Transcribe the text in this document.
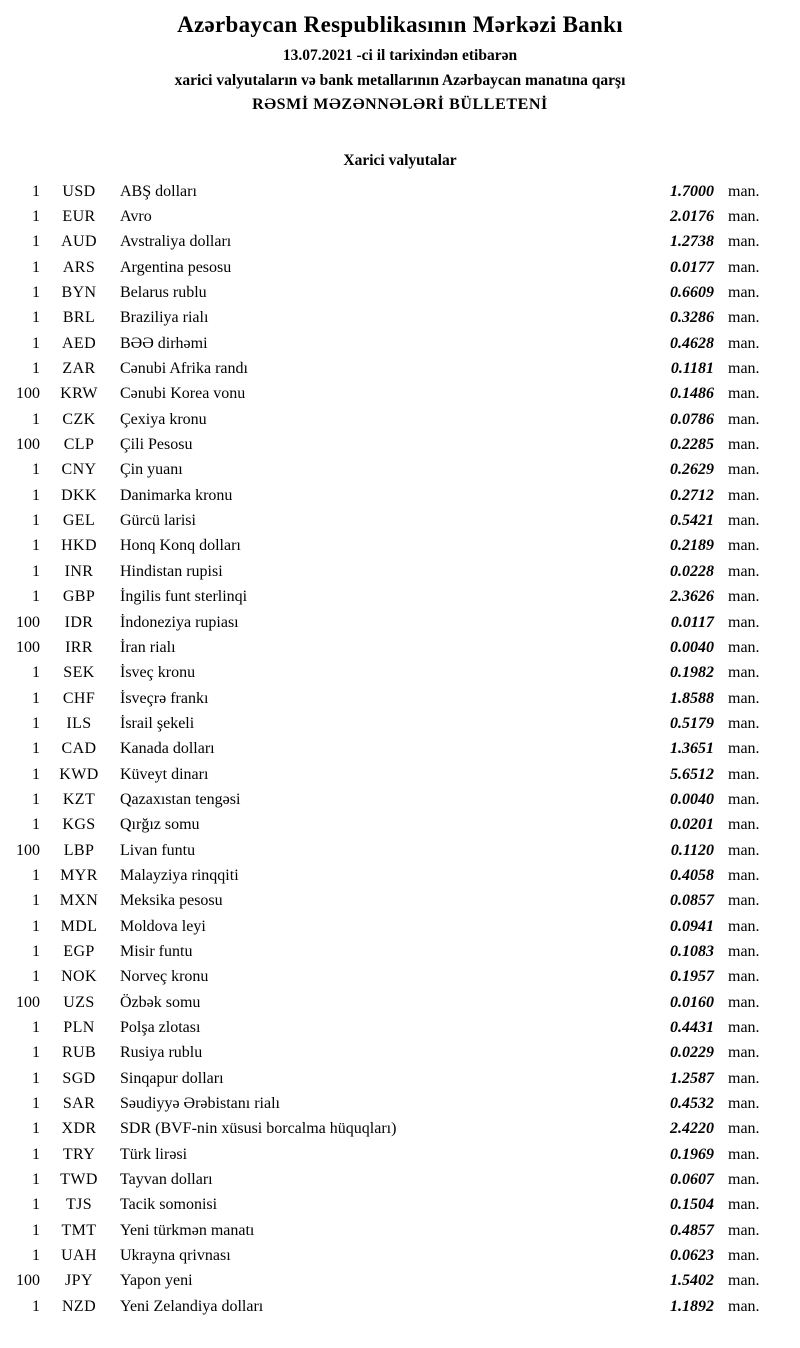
Azərbaycan Respublikasının Mərkəzi Bankı
13.07.2021 -ci il tarixindən etibarən
xarici valyutaların və bank metallarının Azərbaycan manatına qarşı
RƏSMİ MƏZƏNNƏLƏRİ BÜLLETENİ
Xarici valyutalar
1	USD	ABŞ dolları	1.7000 man.
1	EUR	Avro	2.0176 man.
1	AUD	Avstraliya dolları	1.2738 man.
1	ARS	Argentina pesosu	0.0177 man.
1	BYN	Belarus rublu	0.6609 man.
1	BRL	Braziliya rialı	0.3286 man.
1	AED	BƏƏ dirhəmi	0.4628 man.
1	ZAR	Cənubi Afrika randı	0.1181 man.
100	KRW	Cənubi Korea vonu	0.1486 man.
1	CZK	Çexiya kronu	0.0786 man.
100	CLP	Çili Pesosu	0.2285 man.
1	CNY	Çin yuanı	0.2629 man.
1	DKK	Danimarka kronu	0.2712 man.
1	GEL	Gürcü larisi	0.5421 man.
1	HKD	Honq Konq dolları	0.2189 man.
1	INR	Hindistan rupisi	0.0228 man.
1	GBP	İngilis funt sterlinqi	2.3626 man.
100	IDR	İndoneziya rupiası	0.0117 man.
100	IRR	İran rialı	0.0040 man.
1	SEK	İsveç kronu	0.1982 man.
1	CHF	İsveçrə frankı	1.8588 man.
1	ILS	İsrail şekeli	0.5179 man.
1	CAD	Kanada dolları	1.3651 man.
1	KWD	Küveyt dinarı	5.6512 man.
1	KZT	Qazaxıstan tengəsi	0.0040 man.
1	KGS	Qırğız somu	0.0201 man.
100	LBP	Livan funtu	0.1120 man.
1	MYR	Malayziya rinqqiti	0.4058 man.
1	MXN	Meksika pesosu	0.0857 man.
1	MDL	Moldova leyi	0.0941 man.
1	EGP	Misir funtu	0.1083 man.
1	NOK	Norveç kronu	0.1957 man.
100	UZS	Özbək somu	0.0160 man.
1	PLN	Polşa zlotası	0.4431 man.
1	RUB	Rusiya rublu	0.0229 man.
1	SGD	Sinqapur dolları	1.2587 man.
1	SAR	Səudiyyə Ərəbistanı rialı	0.4532 man.
1	XDR	SDR (BVF-nin xüsusi borcalma hüquqları)	2.4220 man.
1	TRY	Türk lirəsi	0.1969 man.
1	TWD	Tayvan dolları	0.0607 man.
1	TJS	Tacik somonisi	0.1504 man.
1	TMT	Yeni türkmən manatı	0.4857 man.
1	UAH	Ukrayna qrivnası	0.0623 man.
100	JPY	Yapon yeni	1.5402 man.
1	NZD	Yeni Zelandiya dolları	1.1892 man.
